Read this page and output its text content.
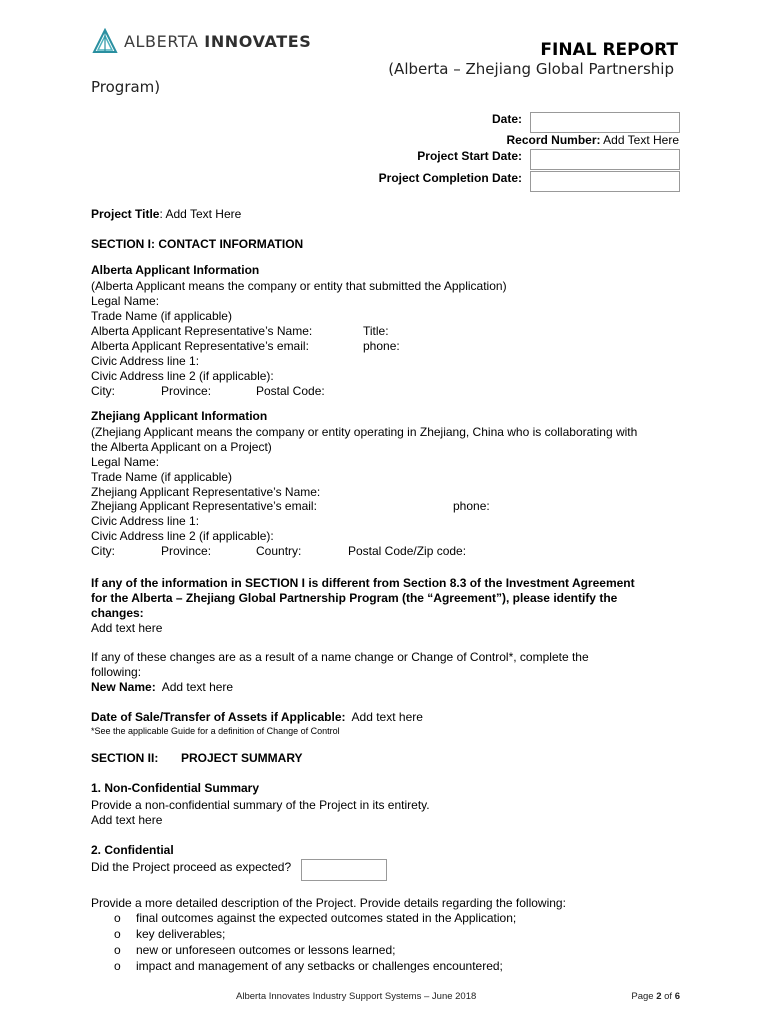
ALBERTA INNOVATES	FINAL REPORT
(Alberta – Zhejiang Global Partnership
Program)
Date:
Record Number: Add Text Here
Project Start Date:
Project Completion Date:
Project Title: Add Text Here
SECTION I: CONTACT INFORMATION
Alberta Applicant Information
(Alberta Applicant means the company or entity that submitted the Application)
Legal Name:
Trade Name (if applicable)
Alberta Applicant Representative’s Name:	Title:
Alberta Applicant Representative’s email:	phone:
Civic Address line 1:
Civic Address line 2 (if applicable):
City:	Province:	Postal Code:
Zhejiang Applicant Information
(Zhejiang Applicant means the company or entity operating in Zhejiang, China who is collaborating with
the Alberta Applicant on a Project)
Legal Name:
Trade Name (if applicable)
Zhejiang Applicant Representative’s Name:
Zhejiang Applicant Representative’s email:	phone:
Civic Address line 1:
Civic Address line 2 (if applicable):
City:	Province:	Country:	Postal Code/Zip code:
If any of the information in SECTION I is different from Section 8.3 of the Investment Agreement
for the Alberta – Zhejiang Global Partnership Program (the “Agreement”), please identify the
changes:
Add text here
If any of these changes are as a result of a name change or Change of Control*, complete the
following:
New Name: Add text here
Date of Sale/Transfer of Assets if Applicable: Add text here
*See the applicable Guide for a definition of Change of Control
SECTION II: PROJECT SUMMARY
1. Non-Confidential Summary
Provide a non-confidential summary of the Project in its entirety.
Add text here
2. Confidential
Did the Project proceed as expected?
Provide a more detailed description of the Project. Provide details regarding the following:
o final outcomes against the expected outcomes stated in the Application;
o key deliverables;
o new or unforeseen outcomes or lessons learned;
o impact and management of any setbacks or challenges encountered;
Alberta Innovates Industry Support Systems – June 2018	Page 2 of 6
